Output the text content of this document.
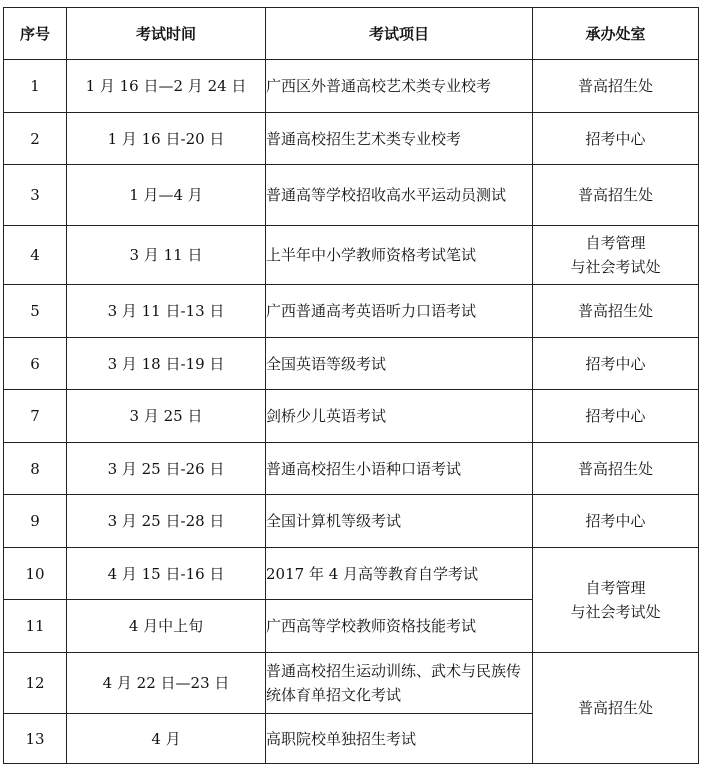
序号	考试时间	考试项目	承办处室
1	1 月 16 日—2 月 24 日	广西区外普通高校艺术类专业校考	普高招生处

2	1 月 16 日-20 日	普通高校招生艺术类专业校考	招考中心

3	1 月—4 月	普通高等学校招收高水平运动员测试	普高招生处

4	3 月 11 日	上半年中小学教师资格考试笔试	自考管理
与社会考试处

5	3 月 11 日-13 日	广西普通高考英语听力口语考试	普高招生处

6	3 月 18 日-19 日	全国英语等级考试	招考中心

7	3 月 25 日	剑桥少儿英语考试	招考中心

8	3 月 25 日-26 日	普通高校招生小语种口语考试	普高招生处

9	3 月 25 日-28 日	全国计算机等级考试	招考中心

10	4 月 15 日-16 日	2017 年 4 月高等教育自学考试	自考管理
与社会考试处

11	4 月中上旬	广西高等学校教师资格技能考试	
12	4 月 22 日—23 日	普通高校招生运动训练、武术与民族传统体育单招文化考试	普高招生处

13	4 月	高职院校单独招生考试	
